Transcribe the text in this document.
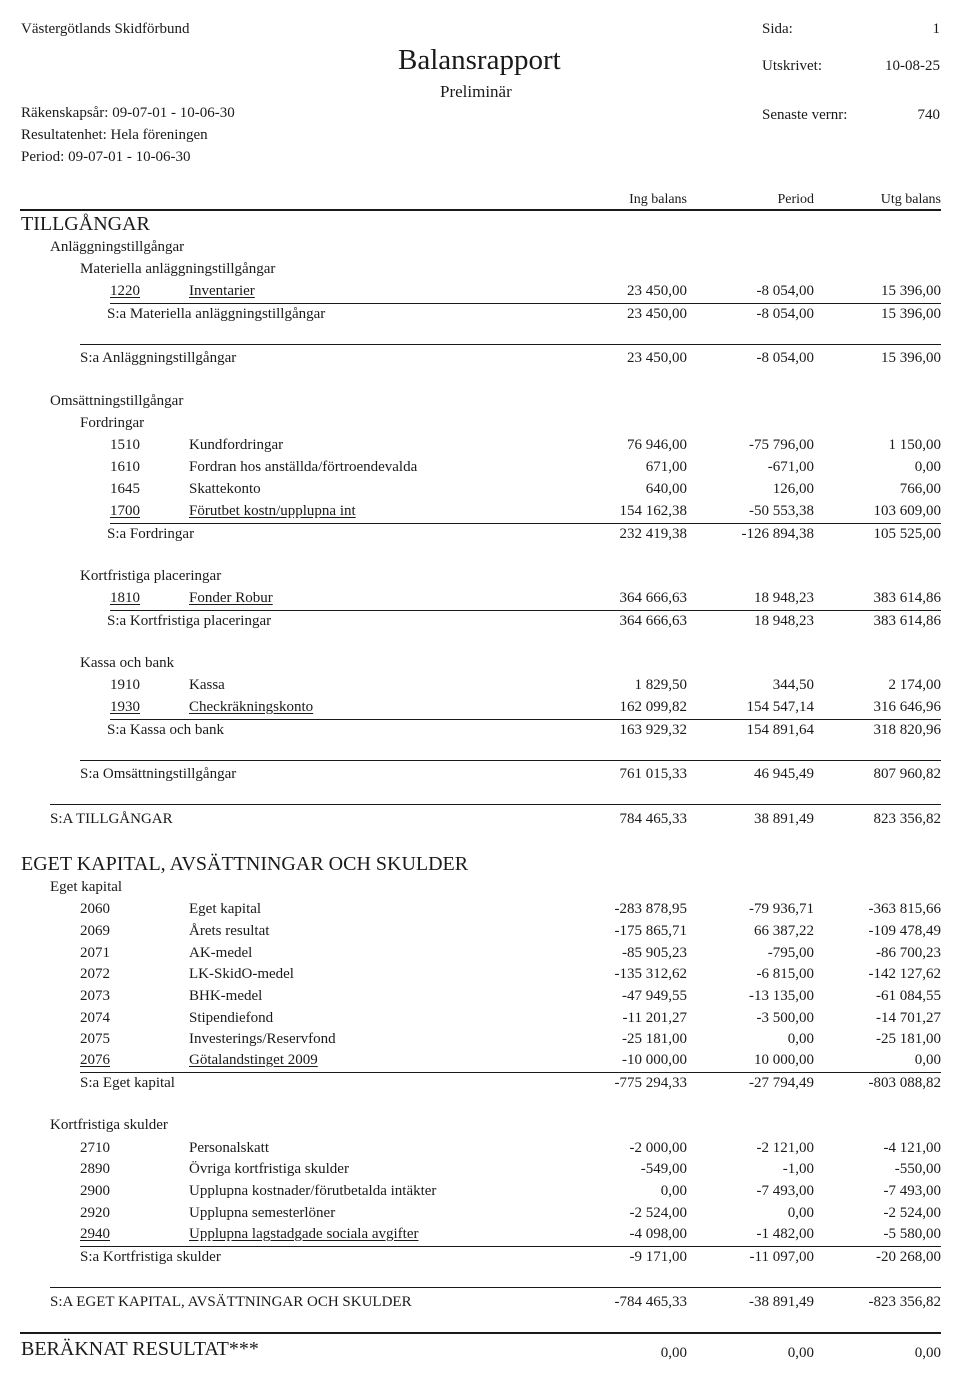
Västergötlands Skidförbund
Balansrapport
Preliminär
Räkenskapsår: 09-07-01 - 10-06-30
Resultatenhet: Hela föreningen
Period: 09-07-01 - 10-06-30
Sida:	1
Utskrivet:	10-08-25
Senaste vernr:	740
Ing balans	Period	Utg balans
TILLGÅNGAR
Anläggningstillgångar
Materiella anläggningstillgångar
1220	Inventarier	23 450,00	-8 054,00	15 396,00
S:a Materiella anläggningstillgångar	23 450,00	-8 054,00	15 396,00
S:a Anläggningstillgångar	23 450,00	-8 054,00	15 396,00
Omsättningstillgångar
Fordringar
1510	Kundfordringar	76 946,00	-75 796,00	1 150,00
1610	Fordran hos anställda/förtroendevalda	671,00	-671,00	0,00
1645	Skattekonto	640,00	126,00	766,00
1700	Förutbet kostn/upplupna int	154 162,38	-50 553,38	103 609,00
S:a Fordringar	232 419,38	-126 894,38	105 525,00
Kortfristiga placeringar
1810	Fonder Robur	364 666,63	18 948,23	383 614,86
S:a Kortfristiga placeringar	364 666,63	18 948,23	383 614,86
Kassa och bank
1910	Kassa	1 829,50	344,50	2 174,00
1930	Checkräkningskonto	162 099,82	154 547,14	316 646,96
S:a Kassa och bank	163 929,32	154 891,64	318 820,96
S:a Omsättningstillgångar	761 015,33	46 945,49	807 960,82
S:A TILLGÅNGAR	784 465,33	38 891,49	823 356,82
EGET KAPITAL, AVSÄTTNINGAR OCH SKULDER
Eget kapital
2060	Eget kapital	-283 878,95	-79 936,71	-363 815,66
2069	Årets resultat	-175 865,71	66 387,22	-109 478,49
2071	AK-medel	-85 905,23	-795,00	-86 700,23
2072	LK-SkidO-medel	-135 312,62	-6 815,00	-142 127,62
2073	BHK-medel	-47 949,55	-13 135,00	-61 084,55
2074	Stipendiefond	-11 201,27	-3 500,00	-14 701,27
2075	Investerings/Reservfond	-25 181,00	0,00	-25 181,00
2076	Götalandstinget 2009	-10 000,00	10 000,00	0,00
S:a Eget kapital	-775 294,33	-27 794,49	-803 088,82
Kortfristiga skulder
2710	Personalskatt	-2 000,00	-2 121,00	-4 121,00
2890	Övriga kortfristiga skulder	-549,00	-1,00	-550,00
2900	Upplupna kostnader/förutbetalda intäkter	0,00	-7 493,00	-7 493,00
2920	Upplupna semesterlöner	-2 524,00	0,00	-2 524,00
2940	Upplupna lagstadgade sociala avgifter	-4 098,00	-1 482,00	-5 580,00
S:a Kortfristiga skulder	-9 171,00	-11 097,00	-20 268,00
S:A EGET KAPITAL, AVSÄTTNINGAR OCH SKULDER	-784 465,33	-38 891,49	-823 356,82
BERÄKNAT RESULTAT***	0,00	0,00	0,00
